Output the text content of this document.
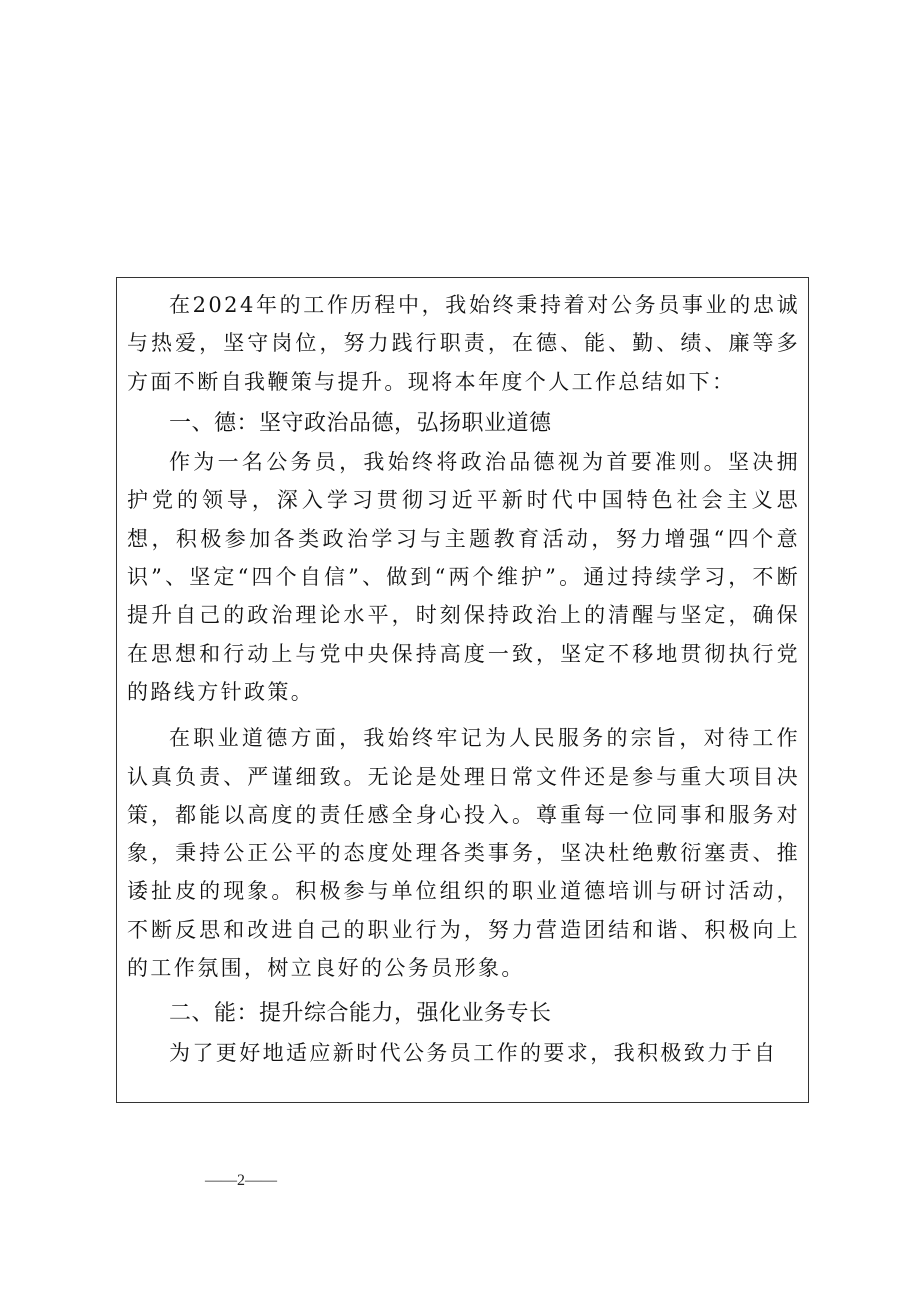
在2024年的工作历程中，我始终秉持着对公务员事业的忠诚与热爱，坚守岗位，努力践行职责，在德、能、勤、绩、廉等多方面不断自我鞭策与提升。现将本年度个人工作总结如下：

一、德：坚守政治品德，弘扬职业道德

作为一名公务员，我始终将政治品德视为首要准则。坚决拥护党的领导，深入学习贯彻习近平新时代中国特色社会主义思想，积极参加各类政治学习与主题教育活动，努力增强“四个意识”、坚定“四个自信”、做到“两个维护”。通过持续学习，不断提升自己的政治理论水平，时刻保持政治上的清醒与坚定，确保在思想和行动上与党中央保持高度一致，坚定不移地贯彻执行党的路线方针政策。

在职业道德方面，我始终牢记为人民服务的宗旨，对待工作认真负责、严谨细致。无论是处理日常文件还是参与重大项目决策，都能以高度的责任感全身心投入。尊重每一位同事和服务对象，秉持公正公平的态度处理各类事务，坚决杜绝敷衍塞责、推诿扯皮的现象。积极参与单位组织的职业道德培训与研讨活动，不断反思和改进自己的职业行为，努力营造团结和谐、积极向上的工作氛围，树立良好的公务员形象。

二、能：提升综合能力，强化业务专长

为了更好地适应新时代公务员工作的要求，我积极致力于自

——2——
